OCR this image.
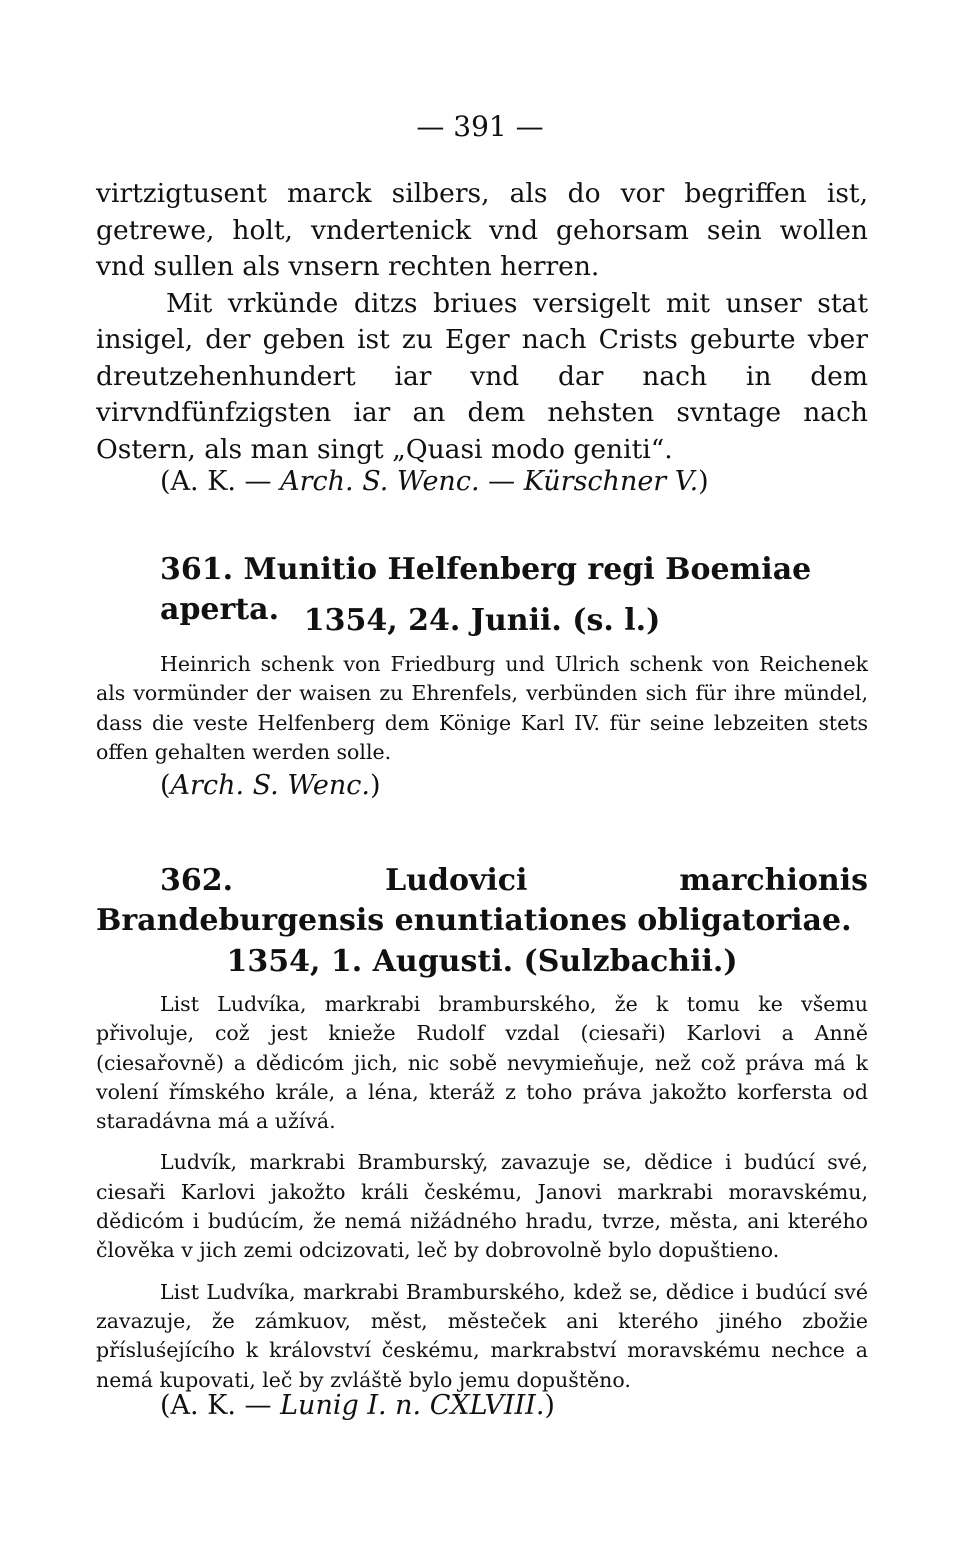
— 391 —

virtzigtusent marck silbers, als do vor begriffen ist, getrewe, holt, vndertenick vnd gehorsam sein wollen vnd sullen als vnsern rechten herren.

Mit vrkünde ditzs briues versigelt mit unser stat insigel, der geben ist zu Eger nach Crists geburte vber dreutzehenhundert iar vnd dar nach in dem virvndfünfzigsten iar an dem nehsten svntage nach Ostern, als man singt „Quasi modo geniti“.

(A. K. — Arch. S. Wenc. — Kürschner V.)
361. Munitio Helfenberg regi Boemiae aperta. 1354, 24. Junii. (s. l.)

Heinrich schenk von Friedburg und Ulrich schenk von Reichenek als vormünder der waisen zu Ehrenfels, verbünden sich für ihre mündel, dass die veste Helfenberg dem Könige Karl IV. für seine lebzeiten stets offen gehalten werden solle.

(Arch. S. Wenc.)
362.	Ludovici marchionis Brandeburgensis enuntiationes obligatoriae.
1354, 1. Augusti. (Sulzbachii.)

List Ludvíka, markrabi bramburského, že k tomu ke všemu přivoluje, což jest knieže Rudolf vzdal (ciesaři) Karlovi a Anně (ciesařovně) a dědicóm jich, nic sobě nevymieňuje, než což práva má k volení římského krále, a léna, kteráž z toho práva jakožto korfersta od staradávna má a užívá.

Ludvík, markrabi Bramburský, zavazuje se, dědice i budúcí své, ciesaři Karlovi jakožto králi českému, Janovi markrabi moravskému, dědicóm i budúcím, že nemá nižádného hradu, tvrze, města, ani kterého člověka v jich zemi odcizovati, leč by dobrovolně bylo dopuštieno.

List Ludvíka, markrabi Bramburského, kdež se, dědice i budúcí své zavazuje, že zámkuov, měst, městeček ani kterého jiného zbožie přísluśejícího k království českému, markrabství moravskému nechce a nemá kupovati, leč by zvláště bylo jemu dopuštěno.

(A. K. — Lunig I. n. CXLVIII.)
